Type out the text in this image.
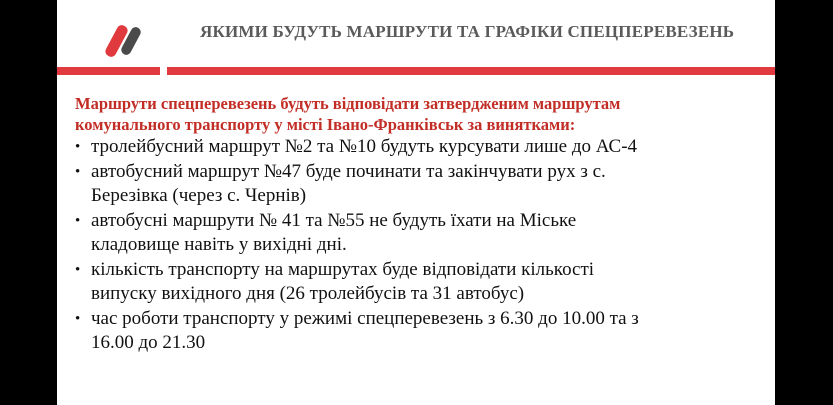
ЯКИМИ БУДУТЬ МАРШРУТИ ТА ГРАФІКИ СПЕЦПЕРЕВЕЗЕНЬ
Маршрути спецперевезень будуть відповідати затвердженим маршрутам
комунального транспорту у місті Івано-Франківськ за винятками:
• тролейбусний маршрут №2 та №10 будуть курсувати лише до АС-4
• автобусний маршрут №47 буде починати та закінчувати рух з с.
Березівка (через с. Чернів)
• автобусні маршрути № 41 та №55 не будуть їхати на Міське
кладовище навіть у вихідні дні.
• кількість транспорту на маршрутах буде відповідати кількості
випуску вихідного дня (26 тролейбусів та 31 автобус)
• час роботи транспорту у режимі спецперевезень з 6.30 до 10.00 та з
16.00 до 21.30
